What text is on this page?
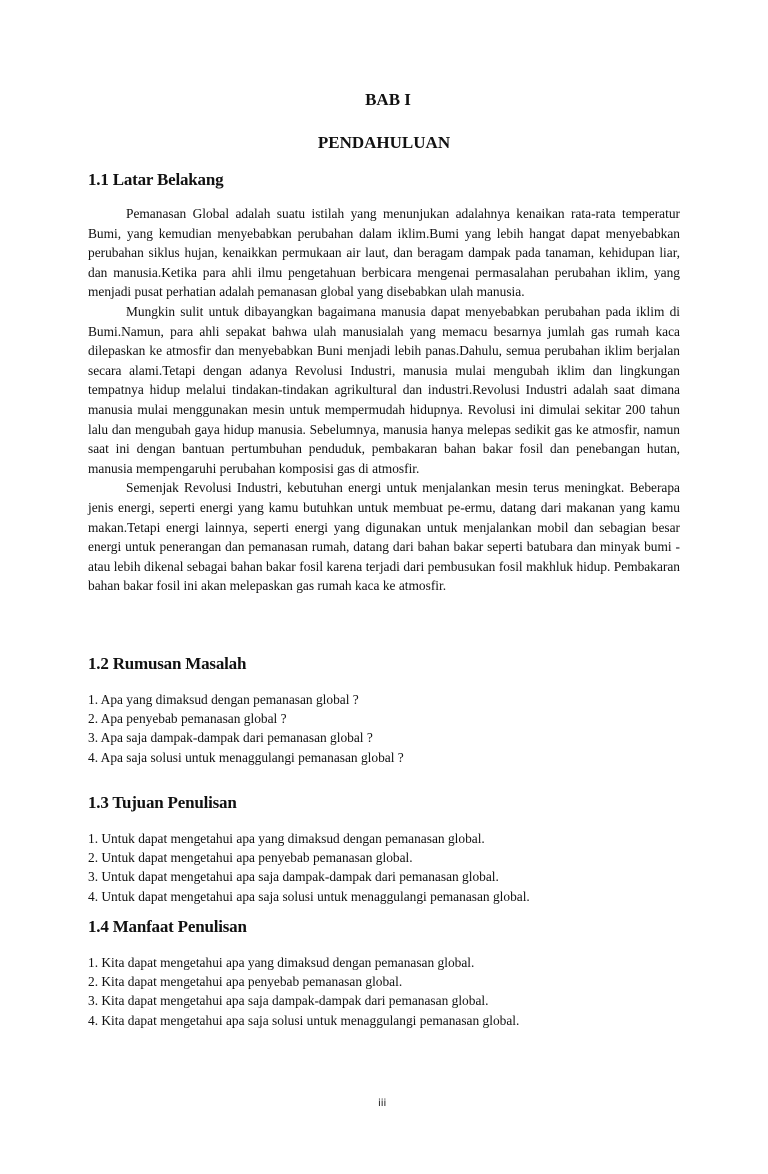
BAB I
PENDAHULUAN
1.1 Latar Belakang

Pemanasan Global adalah suatu istilah yang menunjukan adalahnya kenaikan rata-rata temperatur Bumi, yang kemudian menyebabkan perubahan dalam iklim.Bumi yang lebih hangat dapat menyebabkan perubahan siklus hujan, kenaikkan permukaan air laut, dan beragam dampak pada tanaman, kehidupan liar, dan manusia.Ketika para ahli ilmu pengetahuan berbicara mengenai permasalahan perubahan iklim, yang menjadi pusat perhatian adalah pemanasan global yang disebabkan ulah manusia.

Mungkin sulit untuk dibayangkan bagaimana manusia dapat menyebabkan perubahan pada iklim di Bumi.Namun, para ahli sepakat bahwa ulah manusialah yang memacu besarnya jumlah gas rumah kaca dilepaskan ke atmosfir dan menyebabkan Buni menjadi lebih panas.Dahulu, semua perubahan iklim berjalan secara alami.Tetapi dengan adanya Revolusi Industri, manusia mulai mengubah iklim dan lingkungan tempatnya hidup melalui tindakan-tindakan agrikultural dan industri.Revolusi Industri adalah saat dimana manusia mulai menggunakan mesin untuk mempermudah hidupnya. Revolusi ini dimulai sekitar 200 tahun lalu dan mengubah gaya hidup manusia. Sebelumnya, manusia hanya melepas sedikit gas ke atmosfir, namun saat ini dengan bantuan pertumbuhan penduduk, pembakaran bahan bakar fosil dan penebangan hutan, manusia mempengaruhi perubahan komposisi gas di atmosfir.

Semenjak Revolusi Industri, kebutuhan energi untuk menjalankan mesin terus meningkat. Beberapa jenis energi, seperti energi yang kamu butuhkan untuk membuat pe-ermu, datang dari makanan yang kamu makan.Tetapi energi lainnya, seperti energi yang digunakan untuk menjalankan mobil dan sebagian besar energi untuk penerangan dan pemanasan rumah, datang dari bahan bakar seperti batubara dan minyak bumi - atau lebih dikenal sebagai bahan bakar fosil karena terjadi dari pembusukan fosil makhluk hidup. Pembakaran bahan bakar fosil ini akan melepaskan gas rumah kaca ke atmosfir.

1.2 Rumusan Masalah
1. Apa yang dimaksud dengan pemanasan global ?
2. Apa penyebab pemanasan global ?
3. Apa saja dampak-dampak dari pemanasan global ?
4. Apa saja solusi untuk menaggulangi pemanasan global ?
1.3 Tujuan Penulisan
1. Untuk dapat mengetahui apa yang dimaksud dengan pemanasan global.
2. Untuk dapat mengetahui apa penyebab pemanasan global.
3. Untuk dapat mengetahui apa saja dampak-dampak dari pemanasan global.
4. Untuk dapat mengetahui apa saja solusi untuk menaggulangi pemanasan global.
1.4 Manfaat Penulisan
1. Kita dapat mengetahui apa yang dimaksud dengan pemanasan global.
2. Kita dapat mengetahui apa penyebab pemanasan global.
3. Kita dapat mengetahui apa saja dampak-dampak dari pemanasan global.
4. Kita dapat mengetahui apa saja solusi untuk menaggulangi pemanasan global.
iii
